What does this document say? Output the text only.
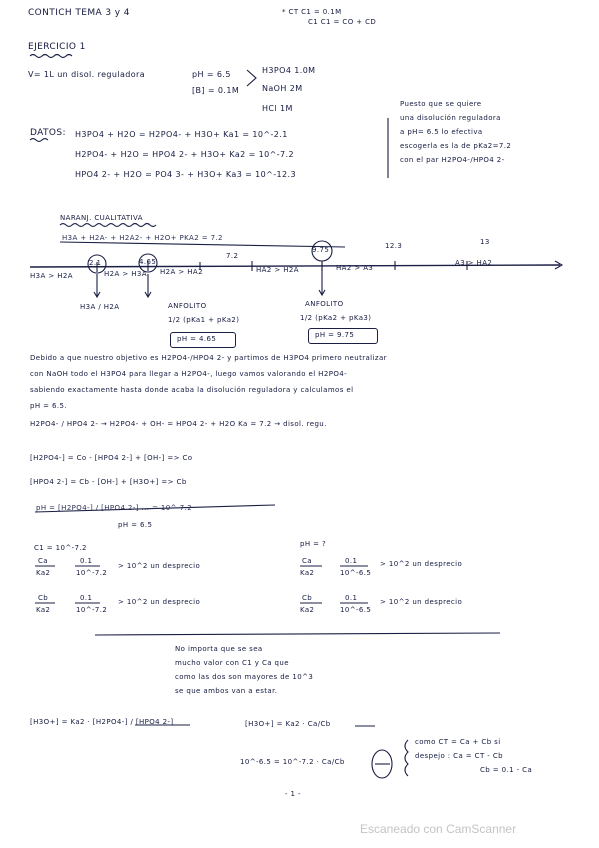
CONTICH TEMA 3 y 4	* CT C1 = 0.1M
C1 C1 = CO + CD
EJERCICIO 1
V= 1L un disol. reguladora	pH = 6.5
[B] = 0.1M
H3PO4 1.0M
NaOH 2M
HCl 1M
DATOS: H3PO4 + H2O = H2PO4- + H3O+ Ka1 = 10^-2.1
H2PO4- + H2O = HPO4 2- + H3O+ Ka2 = 10^-7.2
HPO4 2- + H2O = PO4 3- + H3O+ Ka3 = 10^-12.3
Puesto que se quiere
una disolución reguladora
a pH= 6.5 lo efectiva
escogerla es la de pKa2=7.2
con el par H2PO4-/HPO4 2-
NARANJ. CUALITATIVA
H3A + H2A- + H2A2- + H2O+ PKA2 = 7.2
2.1	4.65
7.2
9.75	12.3	13
H3A > H2A	H2A > H3A H2A > HA2	HA2 > H2A	HA2 > A3
A3 > HA2
H3A / H2A	ANFOLITO	ANFOLITO
1/2 (pKa1 + pKa2)	1/2 (pKa2 + pKa3)
pH = 4.65	pH = 9.75
Debido a que nuestro objetivo es H2PO4-/HPO4 2- y partimos de H3PO4 primero neutralizar
con NaOH todo el H3PO4 para llegar a H2PO4-, luego vamos valorando el H2PO4-
sabiendo exactamente hasta donde acaba la disolución reguladora y calculamos el
pH = 6.5.
H2PO4- / HPO4 2- → H2PO4- + OH- = HPO4 2- + H2O Ka = 7.2 → disol. regu.
[H2PO4-] = Co - [HPO4 2-] + [OH-] => Co
[HPO4 2-] = Cb - [OH-] + [H3O+] => Cb
pH = [H2PO4-] / [HPO4 2-] ... = 10^-7.2
pH = 6.5
C1 = 10^-7.2	pH = ?
Ca
Ka2
0.1
10^-7.2
> 10^2 un desprecio
Cb
Ka2
0.1
10^-7.2
> 10^2 un desprecio
Ca
Ka2
0.1
10^-6.5
> 10^2 un desprecio
Cb
Ka2
0.1
10^-6.5
> 10^2 un desprecio
No importa que se sea
mucho valor con C1 y Ca que
como las dos son mayores de 10^3
se que ambos van a estar.
[H3O+] = Ka2 · [H2PO4-] / [HPO4 2-]	[H3O+] = Ka2 · Ca/Cb
10^-6.5 = 10^-7.2 · Ca/Cb
como CT = Ca + Cb si
despejo : Ca = CT - Cb
Cb = 0.1 - Ca
- 1 -
Escaneado con CamScanner
